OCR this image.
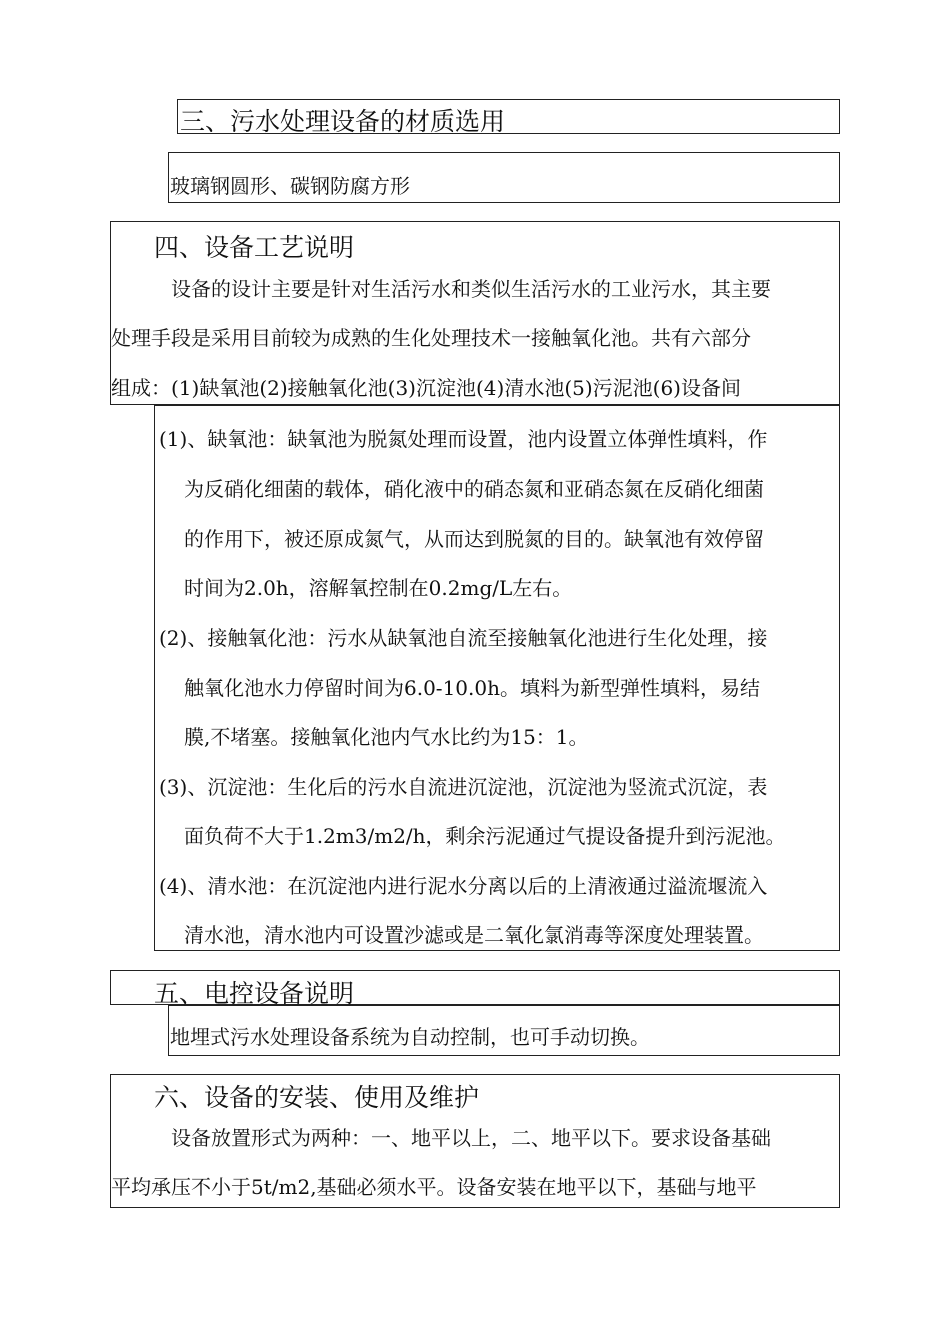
三、污水处理设备的材质选用
玻璃钢圆形、碳钢防腐方形
四、设备工艺说明
设备的设计主要是针对生活污水和类似生活污水的工业污水，其主要
处理手段是采用目前较为成熟的生化处理技术一接触氧化池。共有六部分
组成：(1)缺氧池(2)接触氧化池(3)沉淀池(4)清水池(5)污泥池(6)设备间
(1)、缺氧池：缺氧池为脱氮处理而设置，池内设置立体弹性填料，作
为反硝化细菌的载体，硝化液中的硝态氮和亚硝态氮在反硝化细菌
的作用下，被还原成氮气，从而达到脱氮的目的。缺氧池有效停留
时间为2.0h，溶解氧控制在0.2mg/L左右。
(2)、接触氧化池：污水从缺氧池自流至接触氧化池进行生化处理，接
触氧化池水力停留时间为6.0-10.0h。填料为新型弹性填料，易结
膜,不堵塞。接触氧化池内气水比约为15：1。
(3)、沉淀池：生化后的污水自流进沉淀池，沉淀池为竖流式沉淀，表
面负荷不大于1.2m3/m2/h，剩余污泥通过气提设备提升到污泥池。
(4)、清水池：在沉淀池内进行泥水分离以后的上清液通过溢流堰流入
清水池，清水池内可设置沙滤或是二氧化氯消毒等深度处理装置。
五、电控设备说明
地埋式污水处理设备系统为自动控制，也可手动切换。
六、设备的安装、使用及维护
设备放置形式为两种：一、地平以上，二、地平以下。要求设备基础
平均承压不小于5t/m2,基础必须水平。设备安装在地平以下，基础与地平
